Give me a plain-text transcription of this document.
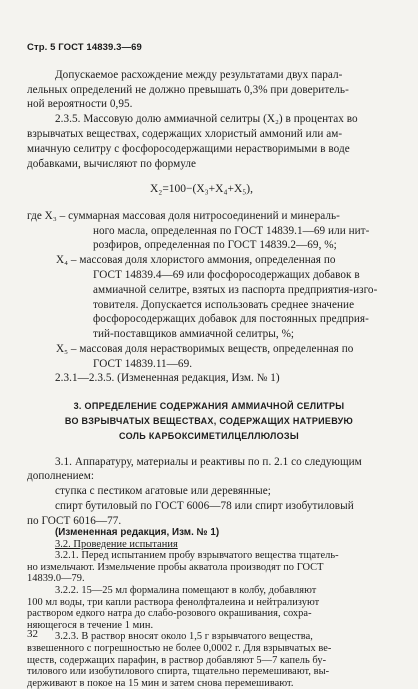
Стр. 5 ГОСТ 14839.3—69
Допускаемое расхождение между результатами двух парал-
лельных определений не должно превышать 0,3% при доверитель-
ной вероятности 0,95.
2.3.5. Массовую долю аммиачной селитры (X₂) в процентах во
взрывчатых веществах, содержащих хлористый аммоний или ам-
миачную селитру с фосфоросодержащими нерастворимыми в воде
добавками, вычисляют по формуле
X₂=100−(X₃+X₄+X₅),
где X₃ – суммарная массовая доля нитросоединений и минераль-
ного масла, определенная по ГОСТ 14839.1—69 или нит-
розфиров, определенная по ГОСТ 14839.2—69, %;
X₄ – массовая доля хлористого аммония, определенная по
ГОСТ 14839.4—69 или фосфоросодержащих добавок в
аммиачной селитре, взятых из паспорта предприятия-изго-
товителя. Допускается использовать среднее значение
фосфоросодержащих добавок для постоянных предприя-
тий-поставщиков аммиачной селитры, %;
X₅ – массовая доля нерастворимых веществ, определенная по
ГОСТ 14839.11—69.
2.3.1—2.3.5. (Измененная редакция, Изм. № 1)
3. ОПРЕДЕЛЕНИЕ СОДЕРЖАНИЯ АММИАЧНОЙ СЕЛИТРЫ
ВО ВЗРЫВЧАТЫХ ВЕЩЕСТВАХ, СОДЕРЖАЩИХ НАТРИЕВУЮ
СОЛЬ КАРБОКСИМЕТИЛЦЕЛЛЮЛОЗЫ
3.1. Аппаратуру, материалы и реактивы по п. 2.1 со следующим
дополнением:
ступка с пестиком агатовые или деревянные;
спирт бутиловый по ГОСТ 6006—78 или спирт изобутиловый
по ГОСТ 6016—77.
(Измененная редакция, Изм. № 1)
3.2. Проведение испытания
3.2.1. Перед испытанием пробу взрывчатого вещества тщатель-
но измельчают. Измельчение пробы акватола производят по ГОСТ
14839.0—79.
3.2.2. 15—25 мл формалина помещают в колбу, добавляют
100 мл воды, три капли раствора фенолфталеина и нейтрализуют
32
раствором едкого натра до слабо-розового окрашивания, сохра-
няющегося в течение 1 мин.
3.2.3. В раствор вносят около 1,5 г взрывчатого вещества,
взвешенного с погрешностью не более 0,0002 г. Для взрывчатых ве-
ществ, содержащих парафин, в раствор добавляют 5—7 капель бу-
тилового или изобутилового спирта, тщательно перемешивают, вы-
держивают в покое на 15 мин и затем снова перемешивают.
